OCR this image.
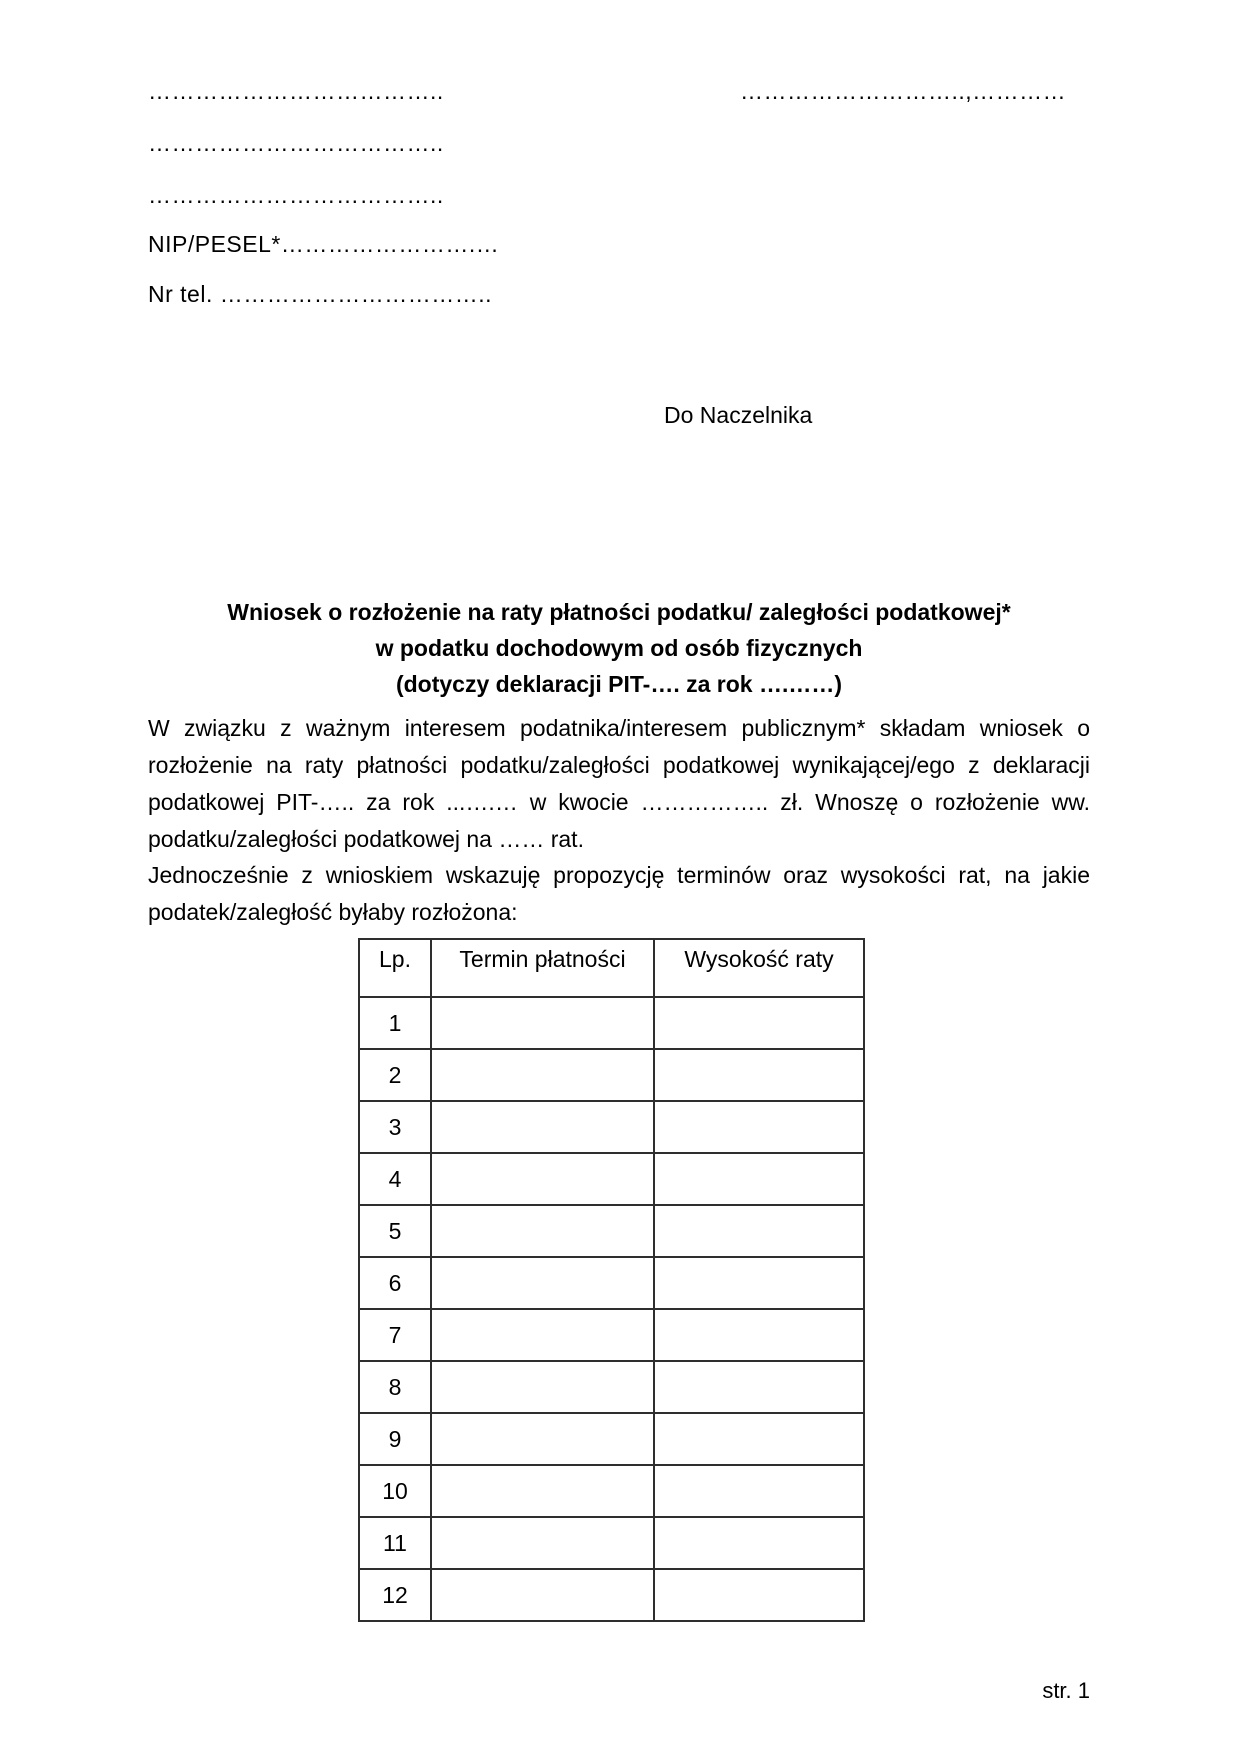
………………………………..
………………………………..
………………………………..
NIP/PESEL*…………………….…
Nr tel. ……………………………..
………………………..,…………
Do Naczelnika
Wniosek o rozłożenie na raty płatności podatku/ zaległości podatkowej*
w podatku dochodowym od osób fizycznych
(dotyczy deklaracji PIT-…. za rok ….……)
W związku z ważnym interesem podatnika/interesem publicznym* składam wniosek o
rozłożenie na raty płatności podatku/zaległości podatkowej wynikającej/ego z deklaracji
podatkowej PIT-….. za rok ...….… w kwocie …………….. zł. Wnoszę o rozłożenie ww.
podatku/zaległości podatkowej na …… rat.
Jednocześnie z wnioskiem wskazuję propozycję terminów oraz wysokości rat, na jakie
podatek/zaległość byłaby rozłożona:
Lp.	Termin płatności	Wysokość raty
1		
2		
3		
4		
5		
6		
7		
8		
9		
10		
11		
12		
str. 1
